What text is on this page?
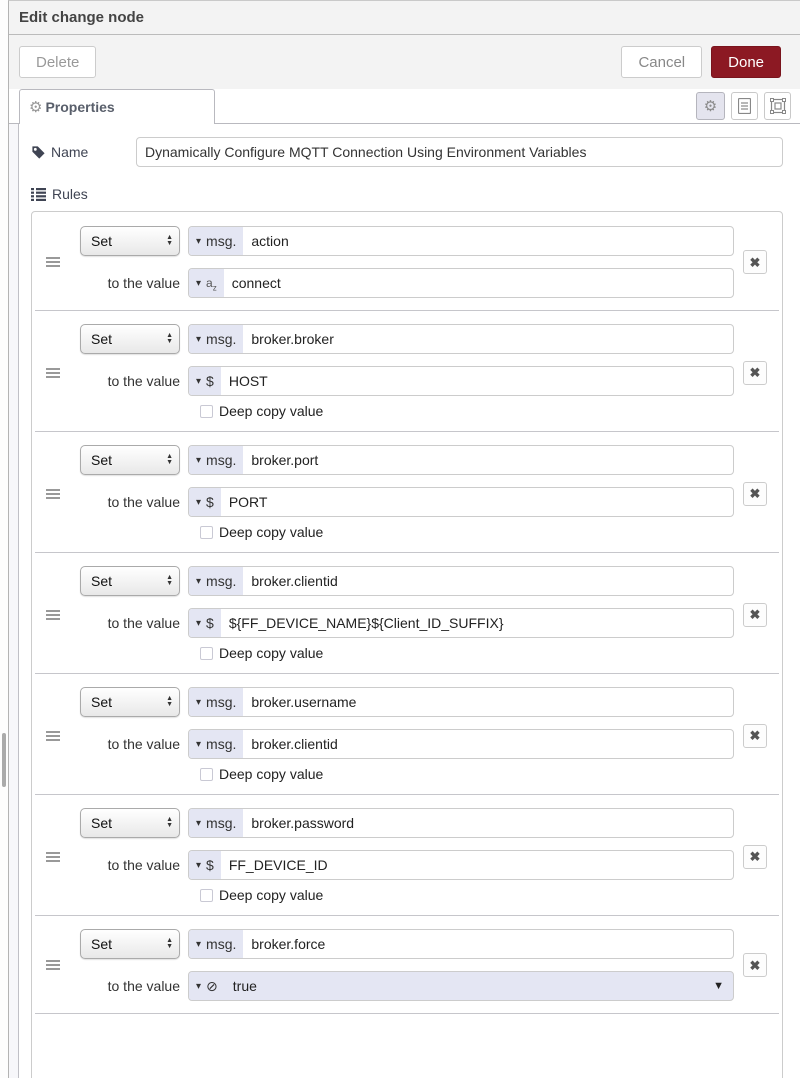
Edit change node
Delete	Cancel	Done
⚙ Properties	⚙
Name
Dynamically Configure MQTT Connection Using Environment Variables
Rules
Set	▲
▼ ▾ msg.	action
to the value ▾ $a_z$	connect
✖
Set	▲
▼ ▾ msg.	broker.broker
to the value ▾ $	HOST
Deep copy value
✖
Set	▲
▼ ▾ msg.	broker.port
to the value ▾ $	PORT
Deep copy value
✖
Set	▲
▼ ▾ msg.	broker.clientid
to the value ▾ $	${FF_DEVICE_NAME}${Client_ID_SUFFIX}
Deep copy value
✖
Set	▲
▼ ▾ msg.	broker.username
to the value ▾ msg.	broker.clientid
Deep copy value
✖
Set	▲
▼ ▾ msg.	broker.password
to the value ▾ $	FF_DEVICE_ID
Deep copy value
✖
Set	▲
▼ ▾ msg.	broker.force
to the value ▾ ⊘	true	▼
✖
